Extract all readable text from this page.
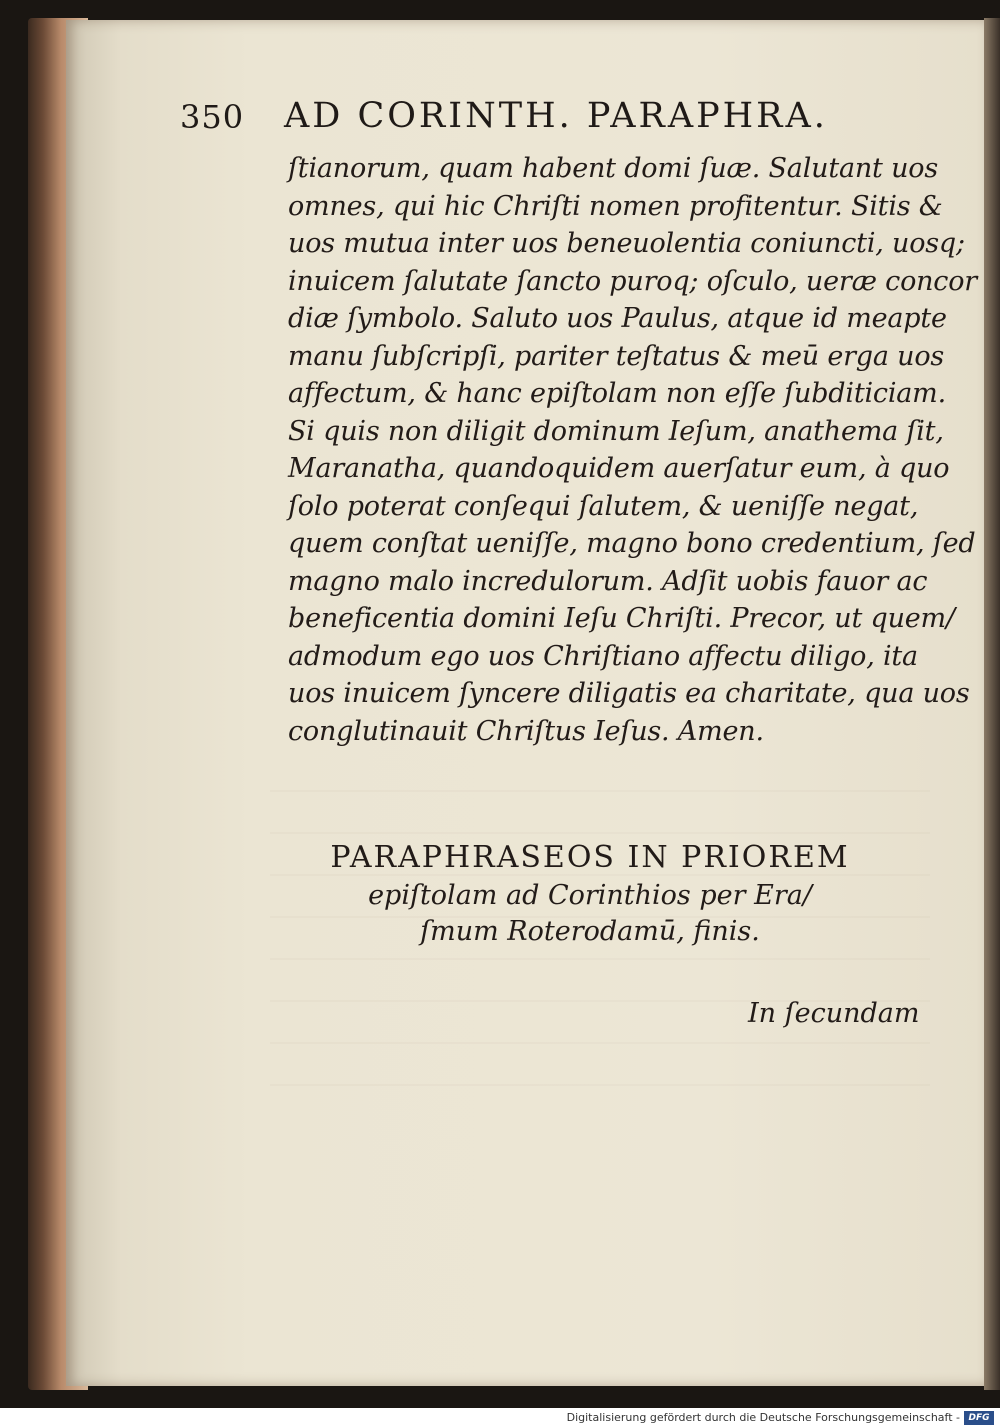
350 AD CORINTH. PARAPHRA.
ſtianorum, quam habent domi ſuæ. Salutant uos
omnes, qui hic Chriſti nomen profitentur. Sitis &
uos mutua inter uos beneuolentia coniuncti, uosq;
inuicem ſalutate ſancto puroq; oſculo, ueræ concor
diæ ſymbolo. Saluto uos Paulus, atque id meapte
manu ſubſcripſi, pariter teſtatus & meū erga uos
affectum, & hanc epiſtolam non eſſe ſubditiciam.
Si quis non diligit dominum Ieſum, anathema ſit,
Maranatha, quandoquidem auerſatur eum, à quo
ſolo poterat conſequi ſalutem, & ueniſſe negat,
quem conſtat ueniſſe, magno bono credentium, ſed
magno malo incredulorum. Adſit uobis fauor ac
beneficentia domini Ieſu Chriſti. Precor, ut quem/
admodum ego uos Chriſtiano affectu diligo, ita
uos inuicem ſyncere diligatis ea charitate, qua uos
conglutinauit Chriſtus Ieſus. Amen.
PARAPHRASEOS IN PRIOREM
epiſtolam ad Corinthios per Era/
ſmum Roterodamū, finis.
In ſecundam
Digitalisierung gefördert durch die Deutsche Forschungsgemeinschaft - DFG
